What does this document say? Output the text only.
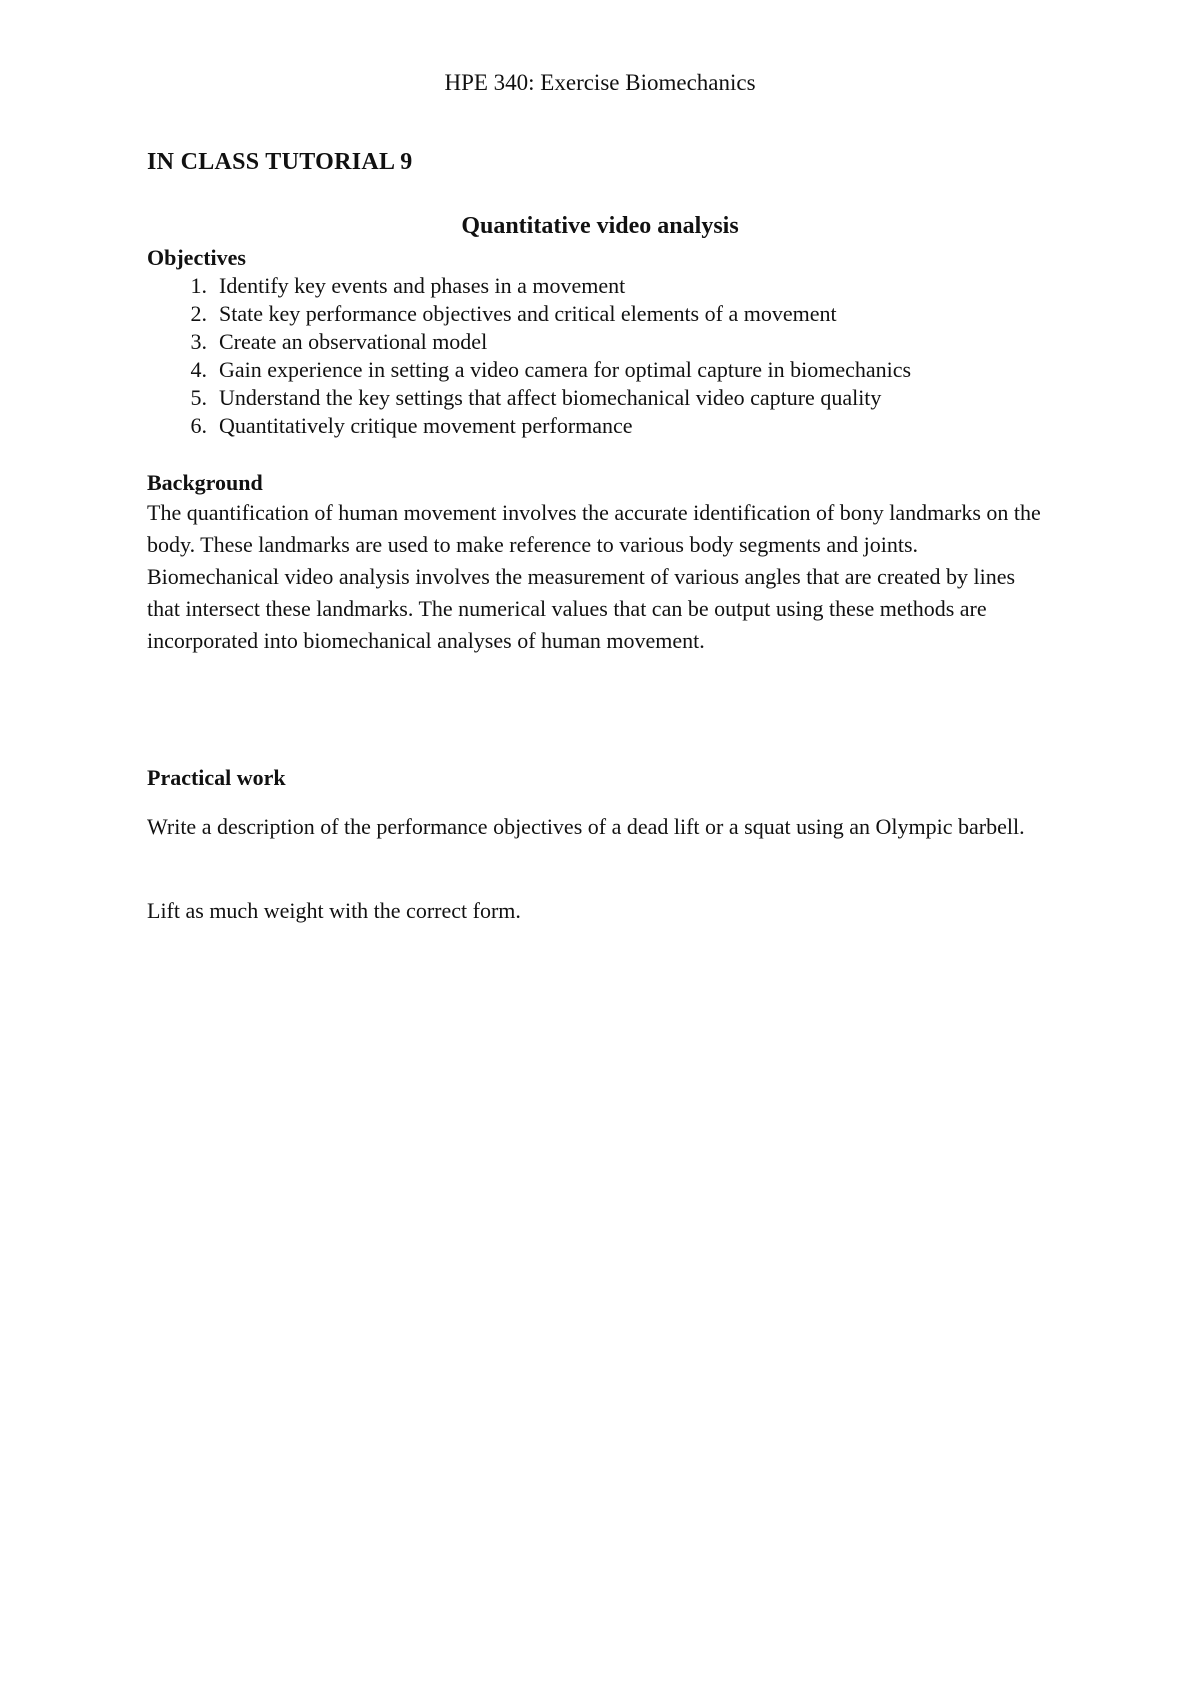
HPE 340: Exercise Biomechanics
IN CLASS TUTORIAL 9
Quantitative video analysis
Objectives
1. Identify key events and phases in a movement
2. State key performance objectives and critical elements of a movement
3. Create an observational model
4. Gain experience in setting a video camera for optimal capture in biomechanics
5. Understand the key settings that affect biomechanical video capture quality
6. Quantitatively critique movement performance
Background

The quantification of human movement involves the accurate identification of bony landmarks on the body. These landmarks are used to make reference to various body segments and joints. Biomechanical video analysis involves the measurement of various angles that are created by lines that intersect these landmarks. The numerical values that can be output using these methods are incorporated into biomechanical analyses of human movement.

Practical work

Write a description of the performance objectives of a dead lift or a squat using an Olympic barbell.

Lift as much weight with the correct form.
